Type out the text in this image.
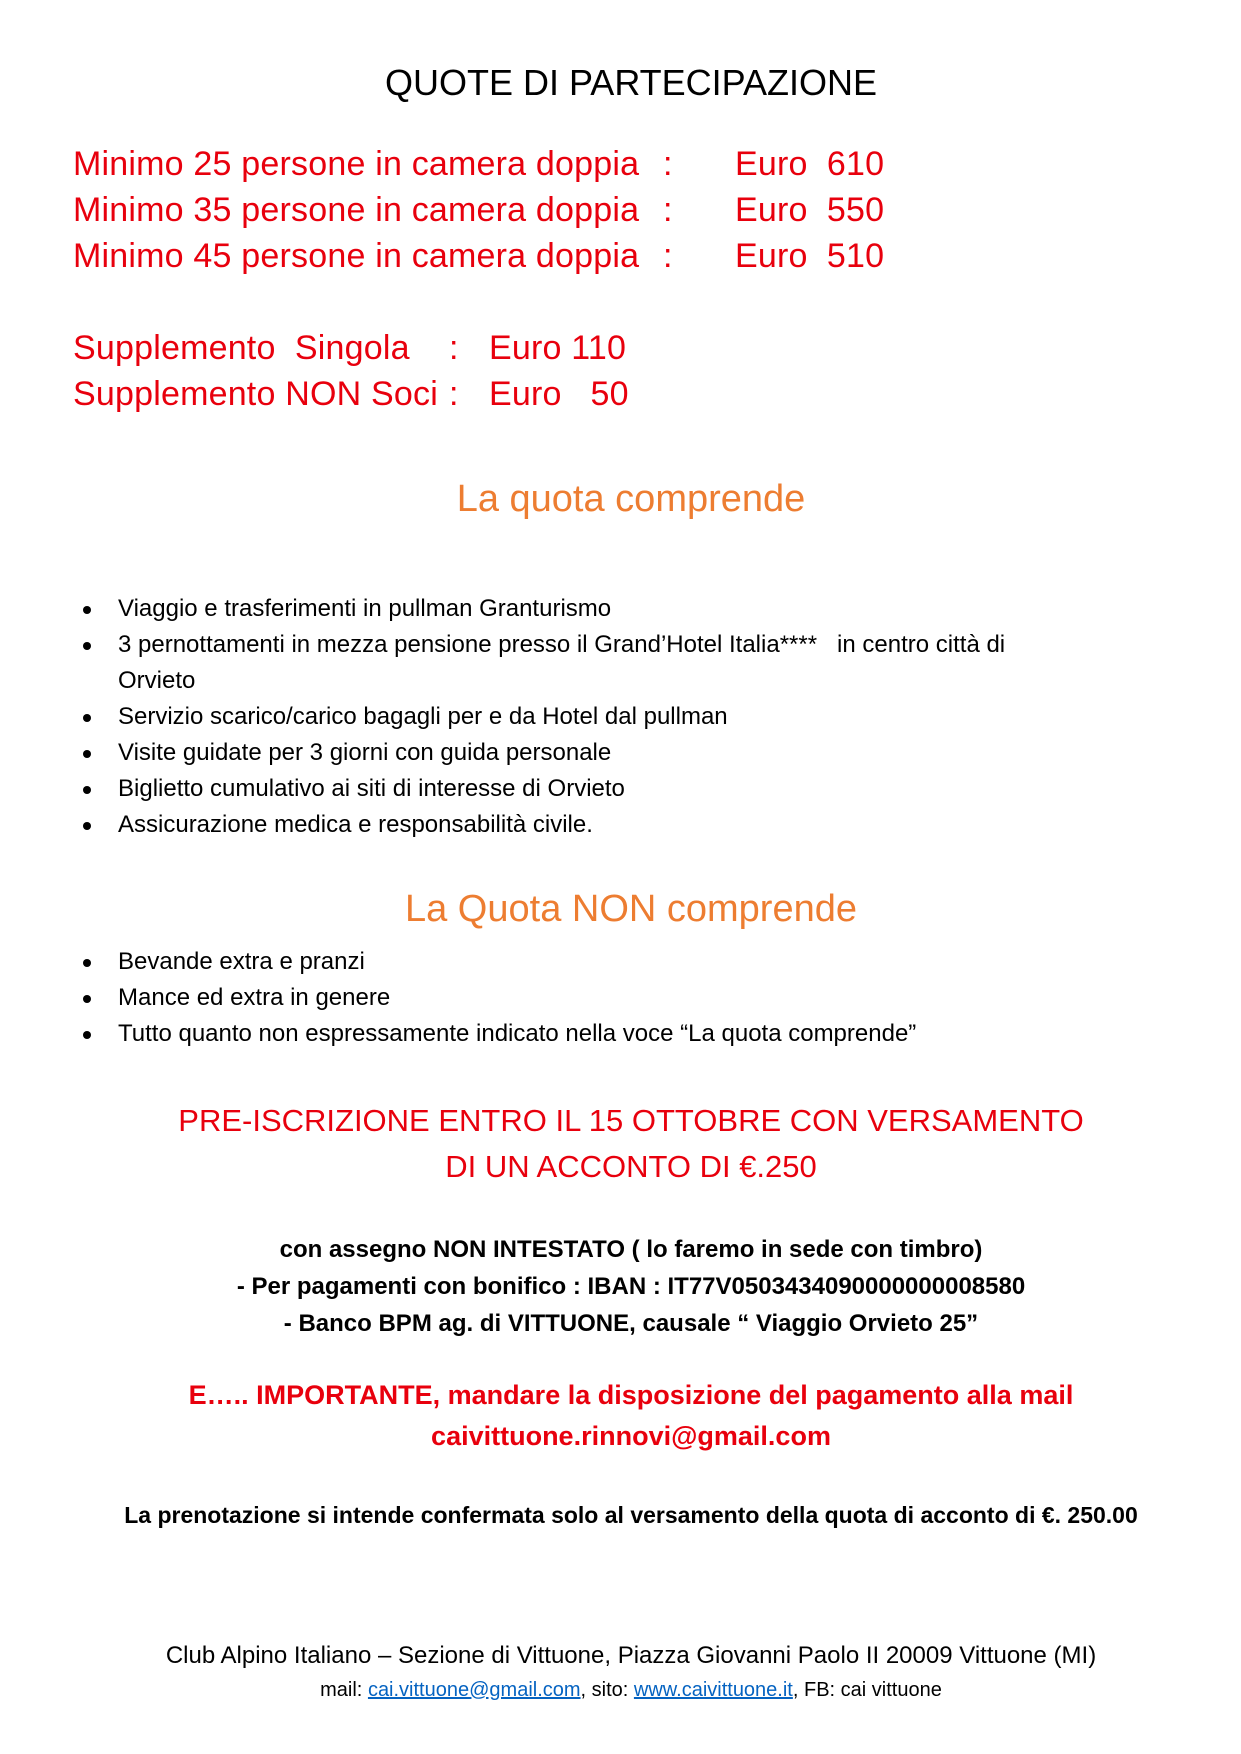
QUOTE DI PARTECIPAZIONE
Minimo 25 persone in camera doppia : Euro  610
Minimo 35 persone in camera doppia : Euro  550
Minimo 45 persone in camera doppia : Euro  510
Supplemento  Singola : Euro 110
Supplemento NON Soci : Euro   50
La quota comprende
Viaggio e trasferimenti in pullman Granturismo
3 pernottamenti in mezza pensione presso il Grand’Hotel Italia****   in centro città di
Orvieto
Servizio scarico/carico bagagli per e da Hotel dal pullman
Visite guidate per 3 giorni con guida personale
Biglietto cumulativo ai siti di interesse di Orvieto
Assicurazione medica e responsabilità civile.
La Quota NON comprende
Bevande extra e pranzi
Mance ed extra in genere
Tutto quanto non espressamente indicato nella voce “La quota comprende”
PRE-ISCRIZIONE ENTRO IL 15 OTTOBRE CON VERSAMENTO
DI UN ACCONTO DI €.250
con assegno NON INTESTATO ( lo faremo in sede con timbro)
- Per pagamenti con bonifico : IBAN : IT77V0503434090000000008580
- Banco BPM ag. di VITTUONE, causale “ Viaggio Orvieto 25”
E….. IMPORTANTE, mandare la disposizione del pagamento alla mail
caivittuone.rinnovi@gmail.com
La prenotazione si intende confermata solo al versamento della quota di acconto di €. 250.00
Club Alpino Italiano – Sezione di Vittuone, Piazza Giovanni Paolo II 20009 Vittuone (MI)
mail: cai.vittuone@gmail.com, sito: www.caivittuone.it, FB: cai vittuone
